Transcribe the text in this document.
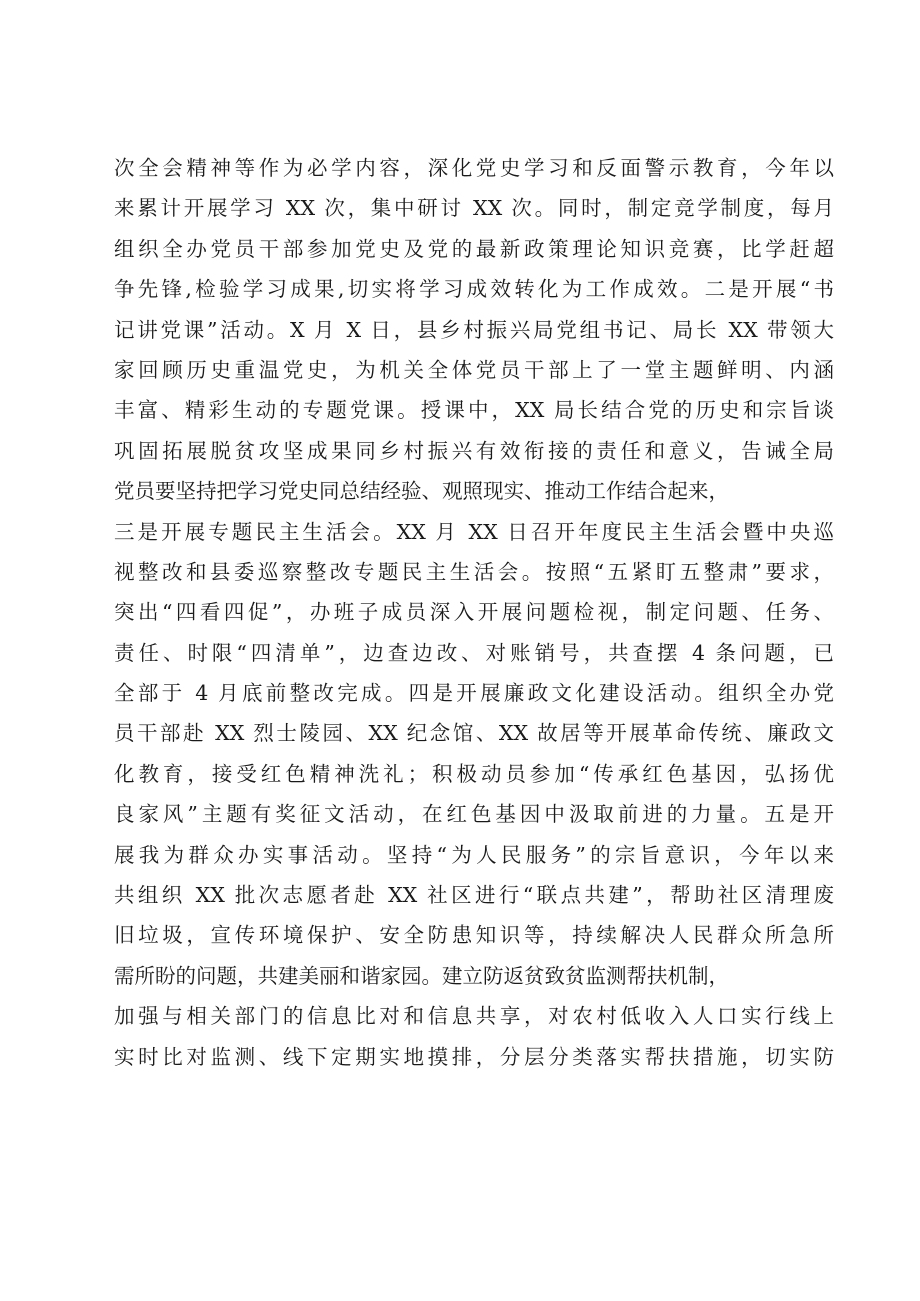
次全会精神等作为必学内容，深化党史学习和反面警示教育，今年以
来累计开展学习 XX 次，集中研讨 XX 次。同时，制定竞学制度，每月
组织全办党员干部参加党史及党的最新政策理论知识竞赛，比学赶超
争先锋,检验学习成果,切实将学习成效转化为工作成效。二是开展“书
记讲党课”活动。X 月 X 日，县乡村振兴局党组书记、局长 XX 带领大
家回顾历史重温党史，为机关全体党员干部上了一堂主题鲜明、内涵
丰富、精彩生动的专题党课。授课中，XX 局长结合党的历史和宗旨谈
巩固拓展脱贫攻坚成果同乡村振兴有效衔接的责任和意义，告诫全局
党员要坚持把学习党史同总结经验、观照现实、推动工作结合起来，
三是开展专题民主生活会。XX 月 XX 日召开年度民主生活会暨中央巡
视整改和县委巡察整改专题民主生活会。按照“五紧盯五整肃”要求，
突出“四看四促”，办班子成员深入开展问题检视，制定问题、任务、
责任、时限“四清单”，边查边改、对账销号，共查摆 4 条问题，已
全部于 4 月底前整改完成。四是开展廉政文化建设活动。组织全办党
员干部赴 XX 烈士陵园、XX 纪念馆、XX 故居等开展革命传统、廉政文
化教育，接受红色精神洗礼；积极动员参加“传承红色基因，弘扬优
良家风”主题有奖征文活动，在红色基因中汲取前进的力量。五是开
展我为群众办实事活动。坚持“为人民服务”的宗旨意识，今年以来
共组织 XX 批次志愿者赴 XX 社区进行“联点共建”，帮助社区清理废
旧垃圾，宣传环境保护、安全防患知识等，持续解决人民群众所急所
需所盼的问题，共建美丽和谐家园。建立防返贫致贫监测帮扶机制，
加强与相关部门的信息比对和信息共享，对农村低收入人口实行线上
实时比对监测、线下定期实地摸排，分层分类落实帮扶措施，切实防
